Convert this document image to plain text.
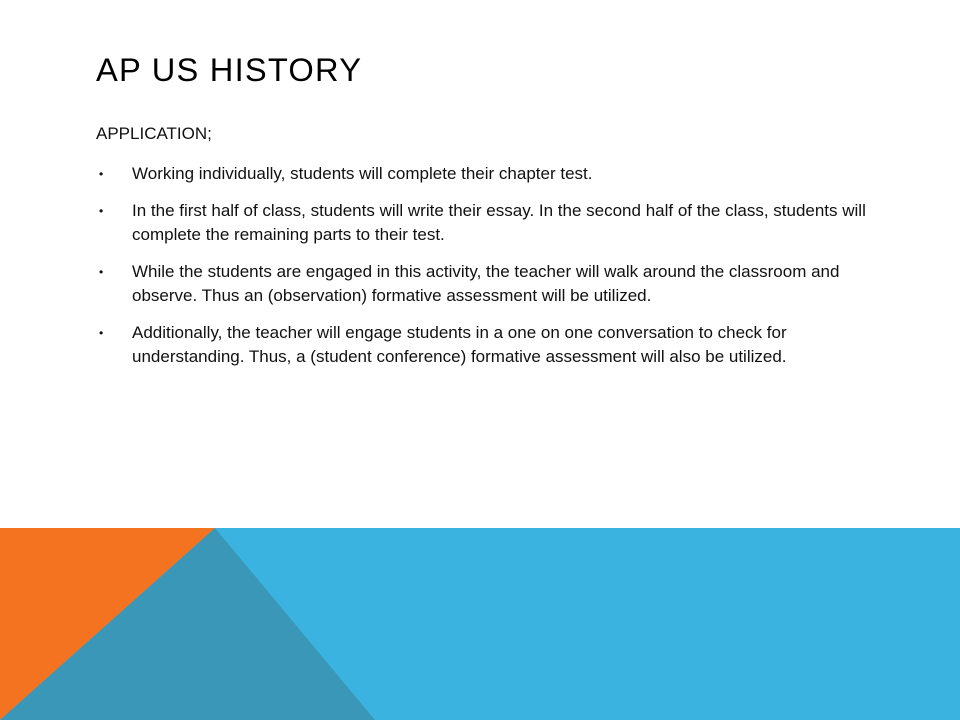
AP US HISTORY

APPLICATION;

• Working individually, students will complete their chapter test.
• In the first half of class, students will write their essay. In the second half of the class, students will complete the remaining parts to their test.
• While the students are engaged in this activity, the teacher will walk around the classroom and observe. Thus an (observation) formative assessment will be utilized.
• Additionally, the teacher will engage students in a one on one conversation to check for understanding. Thus, a (student conference) formative assessment will also be utilized.
